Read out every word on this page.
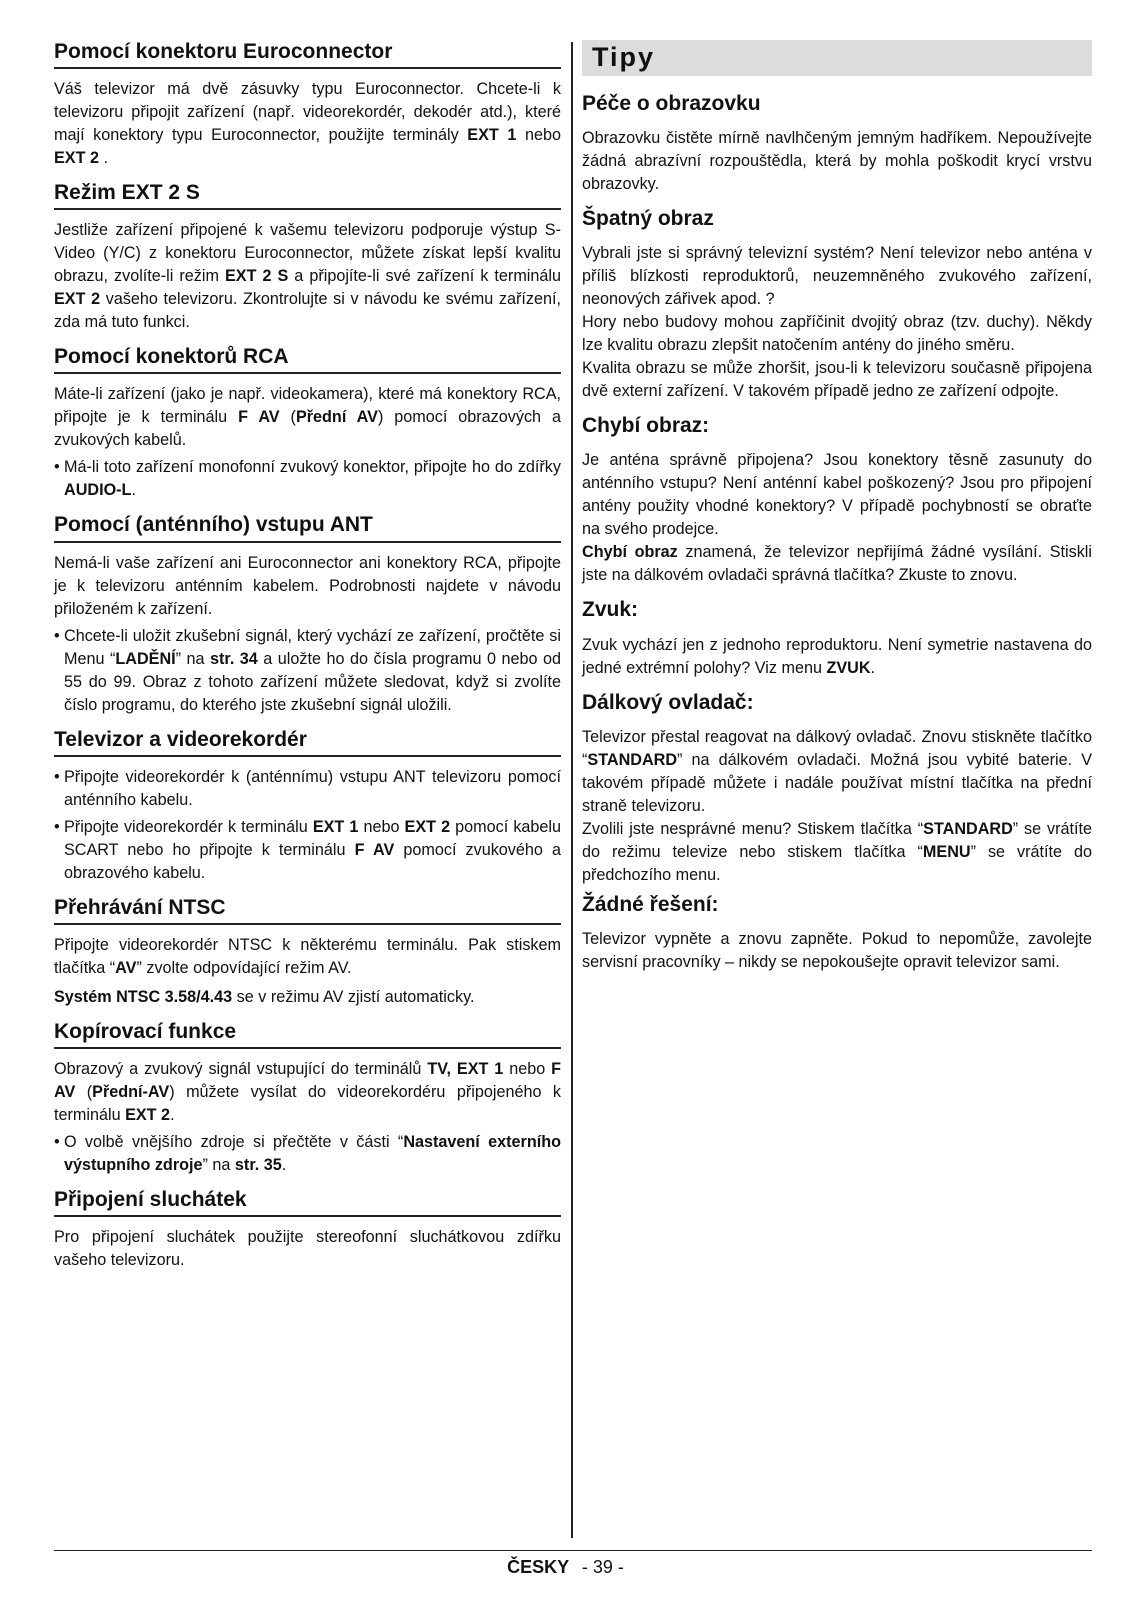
Pomocí konektoru Euroconnector

Váš televizor má dvě zásuvky typu Euroconnector. Chcete-li k televizoru připojit zařízení (např. videorekordér, dekodér atd.), které mají konektory typu Euroconnector, použijte terminály EXT 1 nebo EXT 2 .

Režim EXT 2 S

Jestliže zařízení připojené k vašemu televizoru podporuje výstup S-Video (Y/C) z konektoru Euroconnector, můžete získat lepší kvalitu obrazu, zvolíte-li režim EXT 2 S a připojíte-li své zařízení k terminálu EXT 2 vašeho televizoru. Zkontrolujte si v návodu ke svému zařízení, zda má tuto funkci.

Pomocí konektorů RCA

Máte-li zařízení (jako je např. videokamera), které má konektory RCA, připojte je k terminálu F AV (Přední AV) pomocí obrazových a zvukových kabelů.

• Má-li toto zařízení monofonní zvukový konektor, připojte ho do zdířky AUDIO-L.
Pomocí (anténního) vstupu ANT

Nemá-li vaše zařízení ani Euroconnector ani konektory RCA, připojte je k televizoru anténním kabelem. Podrobnosti najdete v návodu přiloženém k zařízení.

• Chcete-li uložit zkušební signál, který vychází ze zařízení, pročtěte si Menu “LADĚNÍ” na str. 34 a uložte ho do čísla programu 0 nebo od 55 do 99. Obraz z tohoto zařízení můžete sledovat, když si zvolíte číslo programu, do kterého jste zkušební signál uložili.
Televizor a videorekordér
• Připojte videorekordér k (anténnímu) vstupu ANT televizoru pomocí anténního kabelu.
• Připojte videorekordér k terminálu EXT 1 nebo EXT 2 pomocí kabelu SCART nebo ho připojte k terminálu F AV pomocí zvukového a obrazového kabelu.
Přehrávání NTSC

Připojte videorekordér NTSC k některému terminálu. Pak stiskem tlačítka “AV” zvolte odpovídající režim AV.

Systém NTSC 3.58/4.43 se v režimu AV zjistí automaticky.

Kopírovací funkce

Obrazový a zvukový signál vstupující do terminálů TV, EXT 1 nebo F AV (Přední-AV) můžete vysílat do videorekordéru připojeného k terminálu EXT 2.

• O volbě vnějšího zdroje si přečtěte v části “Nastavení externího výstupního zdroje” na str. 35.
Připojení sluchátek

Pro připojení sluchátek použijte stereofonní sluchátkovou zdířku vašeho televizoru.

Tipy
Péče o obrazovku

Obrazovku čistěte mírně navlhčeným jemným hadříkem. Nepoužívejte žádná abrazívní rozpouštědla, která by mohla poškodit krycí vrstvu obrazovky.

Špatný obraz

Vybrali jste si správný televizní systém? Není televizor nebo anténa v příliš blízkosti reproduktorů, neuzemněného zvukového zařízení, neonových zářivek apod. ?

Hory nebo budovy mohou zapříčinit dvojitý obraz (tzv. duchy). Někdy lze kvalitu obrazu zlepšit natočením antény do jiného směru.

Kvalita obrazu se může zhoršit, jsou-li k televizoru současně připojena dvě externí zařízení. V takovém případě jedno ze zařízení odpojte.

Chybí obraz:

Je anténa správně připojena? Jsou konektory těsně zasunuty do anténního vstupu? Není anténní kabel poškozený? Jsou pro připojení antény použity vhodné konektory? V případě pochybností se obraťte na svého prodejce.

Chybí obraz znamená, že televizor nepřijímá žádné vysílání. Stiskli jste na dálkovém ovladači správná tlačítka? Zkuste to znovu.

Zvuk:

Zvuk vychází jen z jednoho reproduktoru. Není symetrie nastavena do jedné extrémní polohy? Viz menu ZVUK.

Dálkový ovladač:

Televizor přestal reagovat na dálkový ovladač. Znovu stiskněte tlačítko “STANDARD” na dálkovém ovladači. Možná jsou vybité baterie. V takovém případě můžete i nadále používat místní tlačítka na přední straně televizoru.

Zvolili jste nesprávné menu? Stiskem tlačítka “STANDARD” se vrátíte do režimu televize nebo stiskem tlačítka “MENU” se vrátíte do předchozího menu.

Žádné řešení:

Televizor vypněte a znovu zapněte. Pokud to nepomůže, zavolejte servisní pracovníky – nikdy se nepokoušejte opravit televizor sami.

ČESKY - 39 -
